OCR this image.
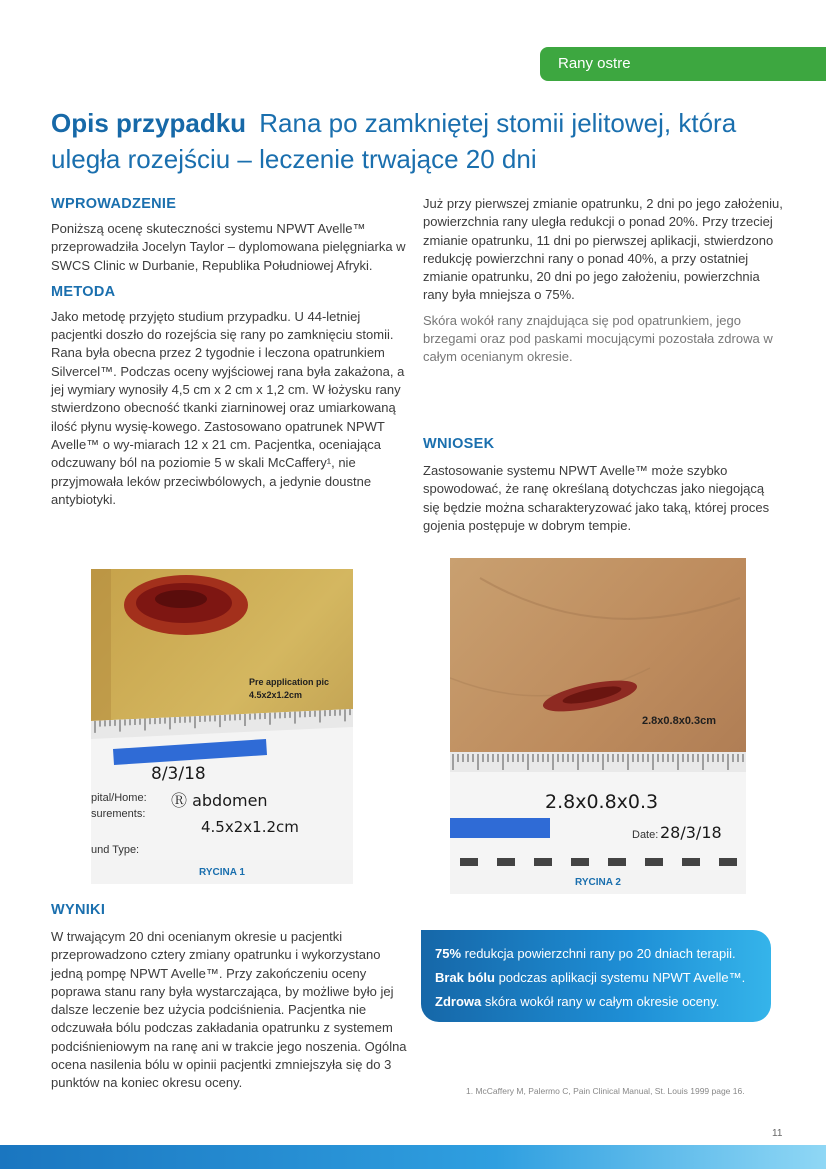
Rany ostre
Opis przypadku Rana po zamkniętej stomii jelitowej, która uległa rozejściu – leczenie trwające 20 dni
WPROWADZENIE

Poniższą ocenę skuteczności systemu NPWT Avelle™ przeprowadziła Jocelyn Taylor – dyplomowana pielęgniarka w SWCS Clinic w Durbanie, Republika Południowej Afryki.

METODA

Jako metodę przyjęto studium przypadku. U 44-letniej pacjentki doszło do rozejścia się rany po zamknięciu stomii. Rana była obecna przez 2 tygodnie i leczona opatrunkiem Silvercel™. Podczas oceny wyjściowej rana była zakażona, a jej wymiary wynosiły 4,5 cm x 2 cm x 1,2 cm. W łożysku rany stwierdzono obecność tkanki ziarninowej oraz umiarkowaną ilość płynu wysię-kowego. Zastosowano opatrunek NPWT Avelle™ o wy-miarach 12 x 21 cm. Pacjentka, oceniająca odczuwany ból na poziomie 5 w skali McCaffery¹, nie przyjmowała leków przeciwbólowych, a jedynie doustne antybiotyki.

Już przy pierwszej zmianie opatrunku, 2 dni po jego założeniu, powierzchnia rany uległa redukcji o ponad 20%. Przy trzeciej zmianie opatrunku, 11 dni po pierwszej aplikacji, stwierdzono redukcję powierzchni rany o ponad 40%, a przy ostatniej zmianie opatrunku, 20 dni po jego założeniu, powierzchnia rany była mniejsza o 75%.

Skóra wokół rany znajdująca się pod opatrunkiem, jego brzegami oraz pod paskami mocującymi pozostała zdrowa w całym ocenianym okresie.

WNIOSEK

Zastosowanie systemu NPWT Avelle™ może szybko spowodować, że ranę określaną dotychczas jako niegojącą się będzie można scharakteryzować jako taką, której proces gojenia postępuje w dobrym tempie.

Pre application pic
4.5x2x1.2cm
8/3/18
pital/Home: Ⓡ abdomen
surements:
4.5x2x1.2cm
und Type:
RYCINA 1
2.8x0.8x0.3cm
2.8x0.8x0.3
Date: 28/3/18
RYCINA 2
WYNIKI

W trwającym 20 dni ocenianym okresie u pacjentki przeprowadzono cztery zmiany opatrunku i wykorzystano jedną pompę NPWT Avelle™. Przy zakończeniu oceny poprawa stanu rany była wystarczająca, by możliwe było jej dalsze leczenie bez użycia podciśnienia. Pacjentka nie odczuwała bólu podczas zakładania opatrunku z systemem podciśnieniowym na ranę ani w trakcie jego noszenia. Ogólna ocena nasilenia bólu w opinii pacjentki zmniejszyła się do 3 punktów na koniec okresu oceny.

75% redukcja powierzchni rany po 20 dniach terapii.
Brak bólu podczas aplikacji systemu NPWT Avelle™.
Zdrowa skóra wokół rany w całym okresie oceny.
1. McCaffery M, Palermo C, Pain Clinical Manual, St. Louis 1999 page 16.
11
